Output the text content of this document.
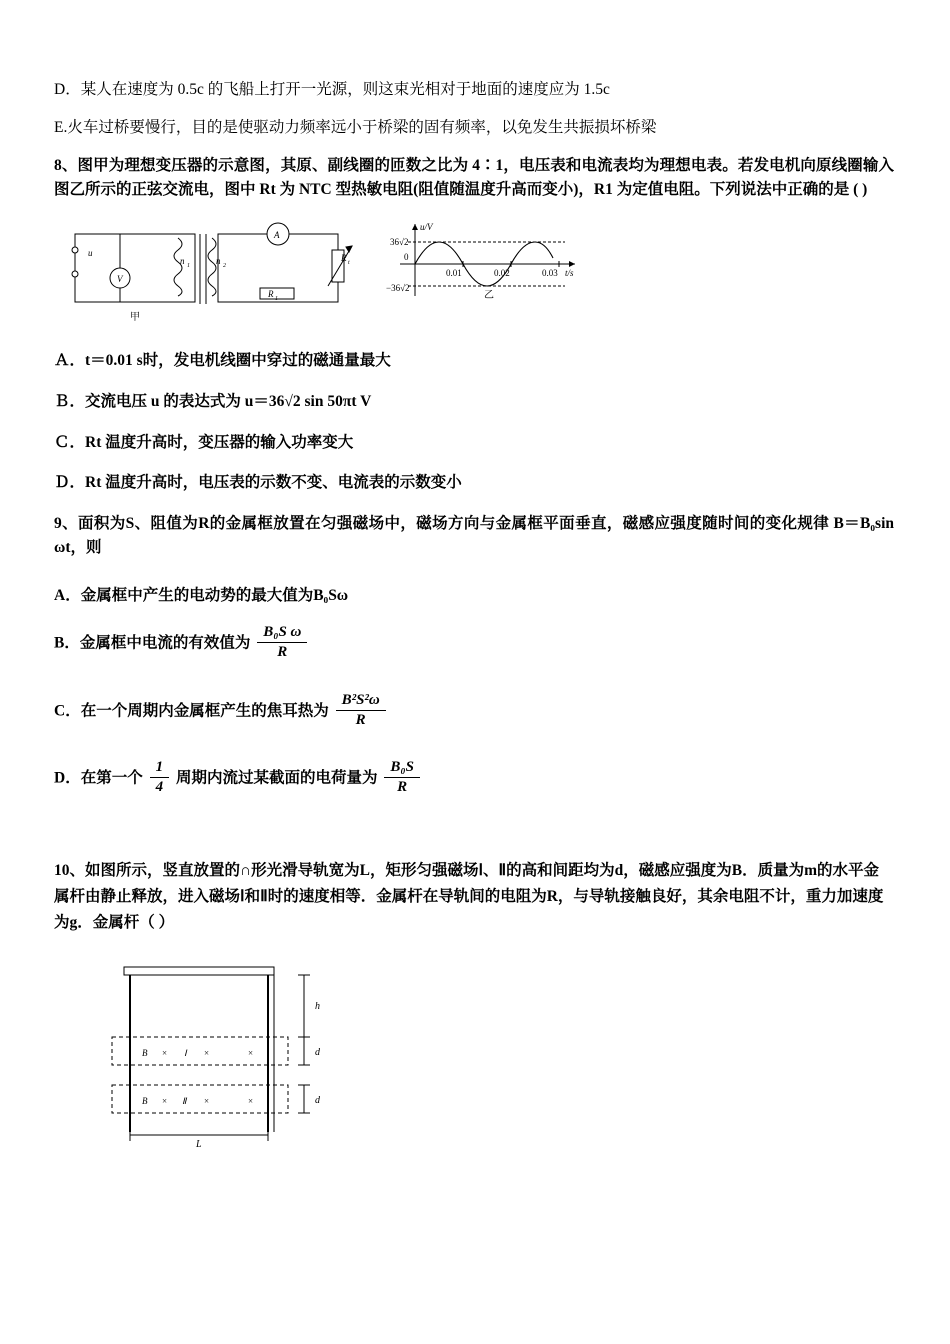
D．某人在速度为 0.5c 的飞船上打开一光源，则这束光相对于地面的速度应为 1.5c
E.火车过桥要慢行，目的是使驱动力频率远小于桥梁的固有频率，以免发生共振损坏桥梁
8、图甲为理想变压器的示意图，其原、副线圈的匝数之比为 4∶1，电压表和电流表均为理想电表。若发电机向原线圈输入图乙所示的正弦交流电，图中 Rt 为 NTC 型热敏电阻(阻值随温度升高而变小)，R1 为定值电阻。下列说法中正确的是 ( )
u
V
A
n 1	n 2
R 1
R t
甲
u/V
36√2
−36√2
0
0.01	0.02	0.03 t/s
乙
Ａ．t＝0.01 s时，发电机线圈中穿过的磁通量最大
Ｂ．交流电压 u 的表达式为 u＝36√2 sin 50πt V
Ｃ．Rt 温度升高时，变压器的输入功率变大
Ｄ．Rt 温度升高时，电压表的示数不变、电流表的示数变小
9、面积为S、阻值为R的金属框放置在匀强磁场中，磁场方向与金属框平面垂直，磁感应强度随时间的变化规律 B＝B₀sin ωt，则
A．金属框中产生的电动势的最大值为B₀Sω
B．金属框中电流的有效值为 $\frac{\text{B₀S ω}}{R}$
C．在一个周期内金属框产生的焦耳热为 $\frac{\text{B²S²ω}}{R}$
D．在第一个 $\frac{1}{4}$ 周期内流过某截面的电荷量为 $\frac{\text{B₀S}}{R}$
10、如图所示，竖直放置的∩形光滑导轨宽为L，矩形匀强磁场Ⅰ、Ⅱ的高和间距均为d，磁感应强度为B．质量为m的水平金属杆由静止释放，进入磁场Ⅰ和Ⅱ时的速度相等．金属杆在导轨间的电阻为R，与导轨接触良好，其余电阻不计，重力加速度为g．金属杆（ ）
h
d
d
L
B × Ⅰ ×	×
B × Ⅱ ×	×
